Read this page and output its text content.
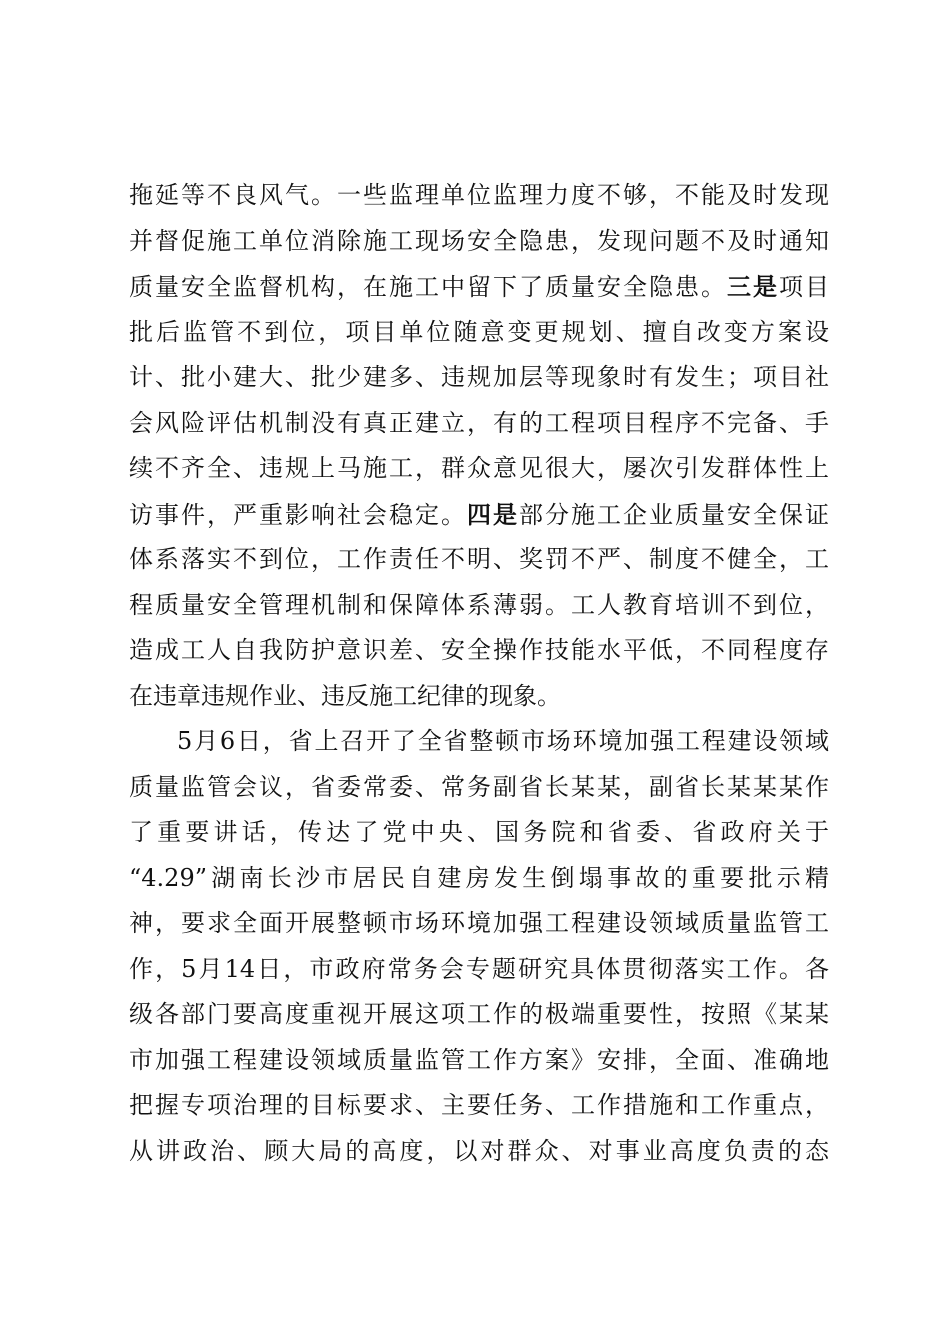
拖延等不良风气。一些监理单位监理力度不够，不能及时发现
并督促施工单位消除施工现场安全隐患，发现问题不及时通知
质量安全监督机构，在施工中留下了质量安全隐患。三是项目
批后监管不到位，项目单位随意变更规划、擅自改变方案设
计、批小建大、批少建多、违规加层等现象时有发生；项目社
会风险评估机制没有真正建立，有的工程项目程序不完备、手
续不齐全、违规上马施工，群众意见很大，屡次引发群体性上
访事件，严重影响社会稳定。四是部分施工企业质量安全保证
体系落实不到位，工作责任不明、奖罚不严、制度不健全，工
程质量安全管理机制和保障体系薄弱。工人教育培训不到位，
造成工人自我防护意识差、安全操作技能水平低，不同程度存
在违章违规作业、违反施工纪律的现象。
5月6日，省上召开了全省整顿市场环境加强工程建设领域
质量监管会议，省委常委、常务副省长某某，副省长某某某作
了重要讲话，传达了党中央、国务院和省委、省政府关于
“4.29”湖南长沙市居民自建房发生倒塌事故的重要批示精
神，要求全面开展整顿市场环境加强工程建设领域质量监管工
作，5月14日，市政府常务会专题研究具体贯彻落实工作。各
级各部门要高度重视开展这项工作的极端重要性，按照《某某
市加强工程建设领域质量监管工作方案》安排，全面、准确地
把握专项治理的目标要求、主要任务、工作措施和工作重点，
从讲政治、顾大局的高度，以对群众、对事业高度负责的态
